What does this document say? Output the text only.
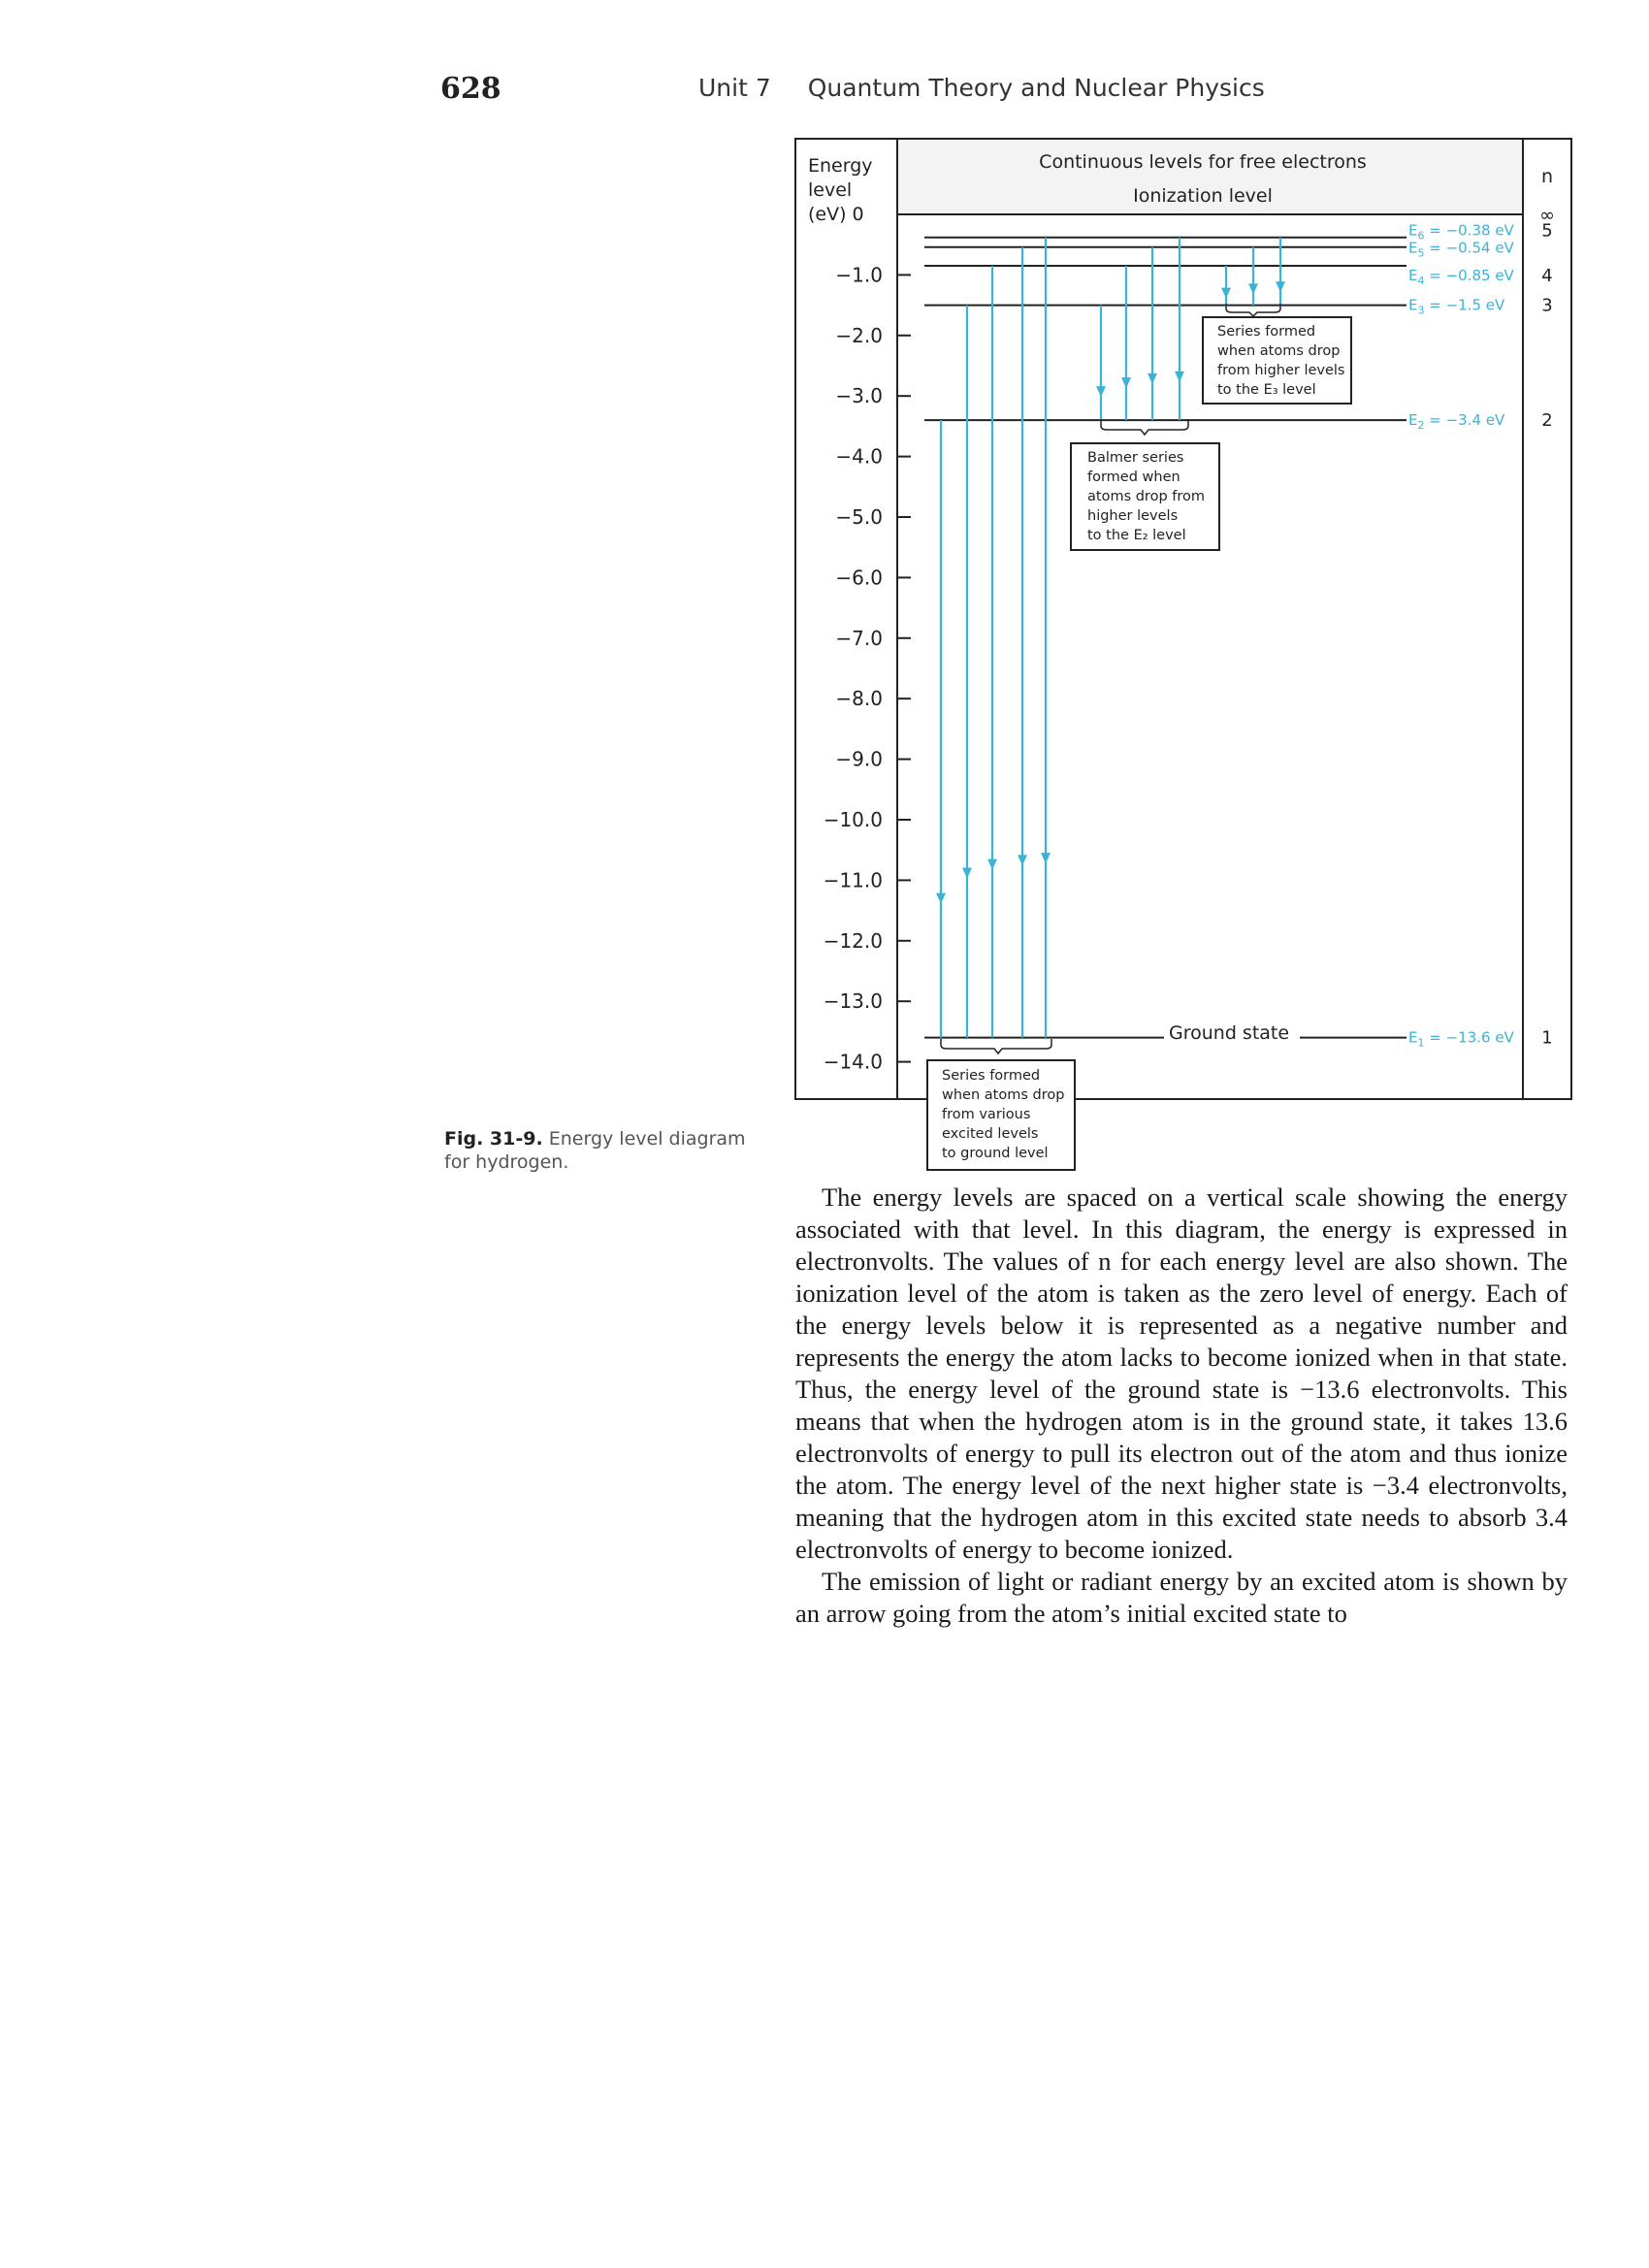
628	Unit 7 Quantum Theory and Nuclear Physics
Energy
level
(eV) 0
Continuous levels for free electrons
Ionization level
n
∞
−1.0
−2.0
−3.0
−4.0
−5.0
−6.0
−7.0
−8.0
−9.0
−10.0
−11.0
−12.0
−13.0
−14.0
$E_6 = -0.38$ eV 5
$E_5 = -0.54$ eV
$E_4 = -0.85$ eV 4
$E_3 = -1.5$ eV 3
$E_2 = -3.4$ eV 2
$E_1 = -13.6$ eV 1
Ground state
Series formed
when atoms drop
from higher levels
to the E₃ level
Balmer series
formed when
atoms drop from
higher levels
to the E₂ level
Series formed
when atoms drop
from various
excited levels
to ground level
Fig. 31-9. Energy level diagram for hydrogen.

The energy levels are spaced on a vertical scale showing the energy associated with that level. In this diagram, the energy is expressed in electronvolts. The values of n for each energy level are also shown. The ionization level of the atom is taken as the zero level of energy. Each of the energy levels below it is represented as a negative number and represents the energy the atom lacks to become ionized when in that state. Thus, the energy level of the ground state is −13.6 electronvolts. This means that when the hydrogen atom is in the ground state, it takes 13.6 electronvolts of energy to pull its electron out of the atom and thus ionize the atom. The energy level of the next higher state is −3.4 electronvolts, meaning that the hydrogen atom in this excited state needs to absorb 3.4 electronvolts of energy to become ionized.

The emission of light or radiant energy by an excited atom is shown by an arrow going from the atom’s initial excited state to
